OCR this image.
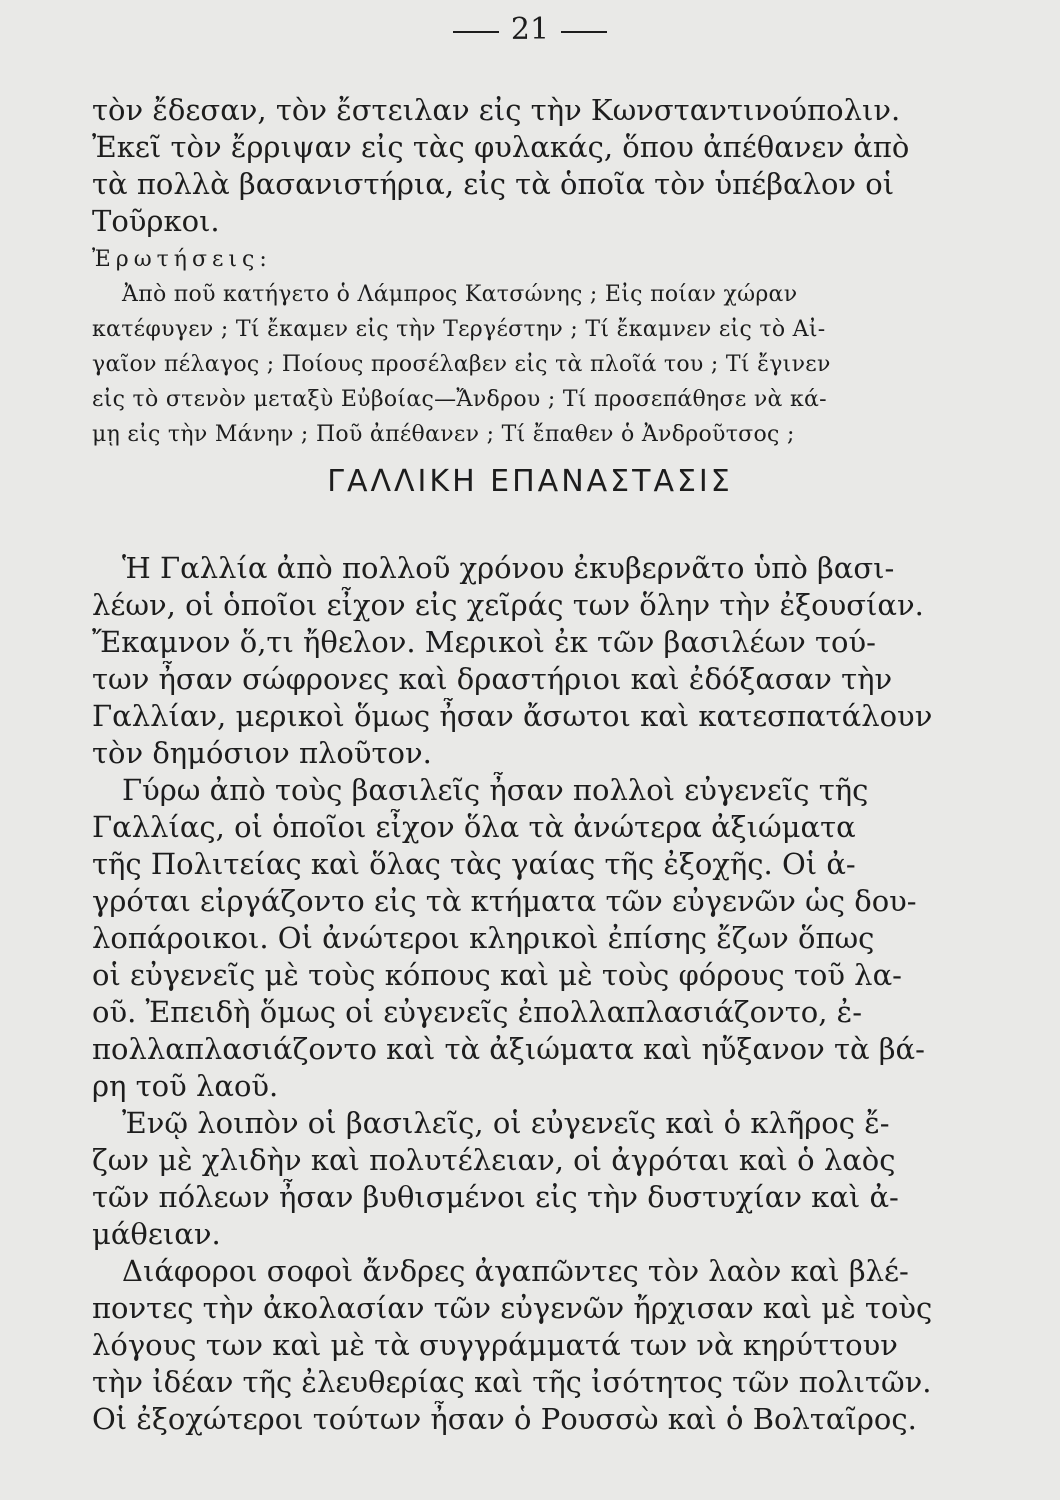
21

τὸν ἔδεσαν, τὸν ἔστειλαν εἰς τὴν Κωνσταντινούπολιν.

Ἐκεῖ τὸν ἔρριψαν εἰς τὰς φυλακάς, ὅπου ἀπέθανεν ἀπὸ

τὰ πολλὰ βασανιστήρια, εἰς τὰ ὁποῖα τὸν ὑπέβαλον οἱ

Τοῦρκοι.

Ἐρωτήσεις:

Ἀπὸ ποῦ κατήγετο ὁ Λάμπρος Κατσώνης ; Εἰς ποίαν χώραν

κατέφυγεν ; Τί ἔκαμεν εἰς τὴν Τεργέστην ; Τί ἔκαμνεν εἰς τὸ Αἰ-

γαῖον πέλαγος ; Ποίους προσέλαβεν εἰς τὰ πλοῖά του ; Τί ἔγινεν

εἰς τὸ στενὸν μεταξὺ Εὐβοίας—Ἄνδρου ; Τί προσεπάθησε νὰ κά-

μῃ εἰς τὴν Μάνην ; Ποῦ ἀπέθανεν ; Τί ἔπαθεν ὁ Ἀνδροῦτσος ;

ΓΑΛΛΙΚΗ ΕΠΑΝΑΣΤΑΣΙΣ

Ἡ Γαλλία ἀπὸ πολλοῦ χρόνου ἐκυβερνᾶτο ὑπὸ βασι-

λέων, οἱ ὁποῖοι εἶχον εἰς χεῖράς των ὅλην τὴν ἐξουσίαν.

Ἔκαμνον ὅ,τι ἤθελον. Μερικοὶ ἐκ τῶν βασιλέων τού-

των ἦσαν σώφρονες καὶ δραστήριοι καὶ ἐδόξασαν τὴν

Γαλλίαν, μερικοὶ ὅμως ἦσαν ἄσωτοι καὶ κατεσπατάλουν

τὸν δημόσιον πλοῦτον.

Γύρω ἀπὸ τοὺς βασιλεῖς ἦσαν πολλοὶ εὐγενεῖς τῆς

Γαλλίας, οἱ ὁποῖοι εἶχον ὅλα τὰ ἀνώτερα ἀξιώματα

τῆς Πολιτείας καὶ ὅλας τὰς γαίας τῆς ἐξοχῆς. Οἱ ἀ-

γρόται εἰργάζοντο εἰς τὰ κτήματα τῶν εὐγενῶν ὡς δου-

λοπάροικοι. Οἱ ἀνώτεροι κληρικοὶ ἐπίσης ἔζων ὅπως

οἱ εὐγενεῖς μὲ τοὺς κόπους καὶ μὲ τοὺς φόρους τοῦ λα-

οῦ. Ἐπειδὴ ὅμως οἱ εὐγενεῖς ἐπολλαπλασιάζοντο, ἐ-

πολλαπλασιάζοντο καὶ τὰ ἀξιώματα καὶ ηὔξανον τὰ βά-

ρη τοῦ λαοῦ.

Ἐνῷ λοιπὸν οἱ βασιλεῖς, οἱ εὐγενεῖς καὶ ὁ κλῆρος ἔ-

ζων μὲ χλιδὴν καὶ πολυτέλειαν, οἱ ἀγρόται καὶ ὁ λαὸς

τῶν πόλεων ἦσαν βυθισμένοι εἰς τὴν δυστυχίαν καὶ ἀ-

μάθειαν.

Διάφοροι σοφοὶ ἄνδρες ἀγαπῶντες τὸν λαὸν καὶ βλέ-

ποντες τὴν ἀκολασίαν τῶν εὐγενῶν ἤρχισαν καὶ μὲ τοὺς

λόγους των καὶ μὲ τὰ συγγράμματά των νὰ κηρύττουν

τὴν ἰδέαν τῆς ἐλευθερίας καὶ τῆς ἰσότητος τῶν πολιτῶν.

Οἱ ἐξοχώτεροι τούτων ἦσαν ὁ Ρουσσὼ καὶ ὁ Βολταῖρος.
